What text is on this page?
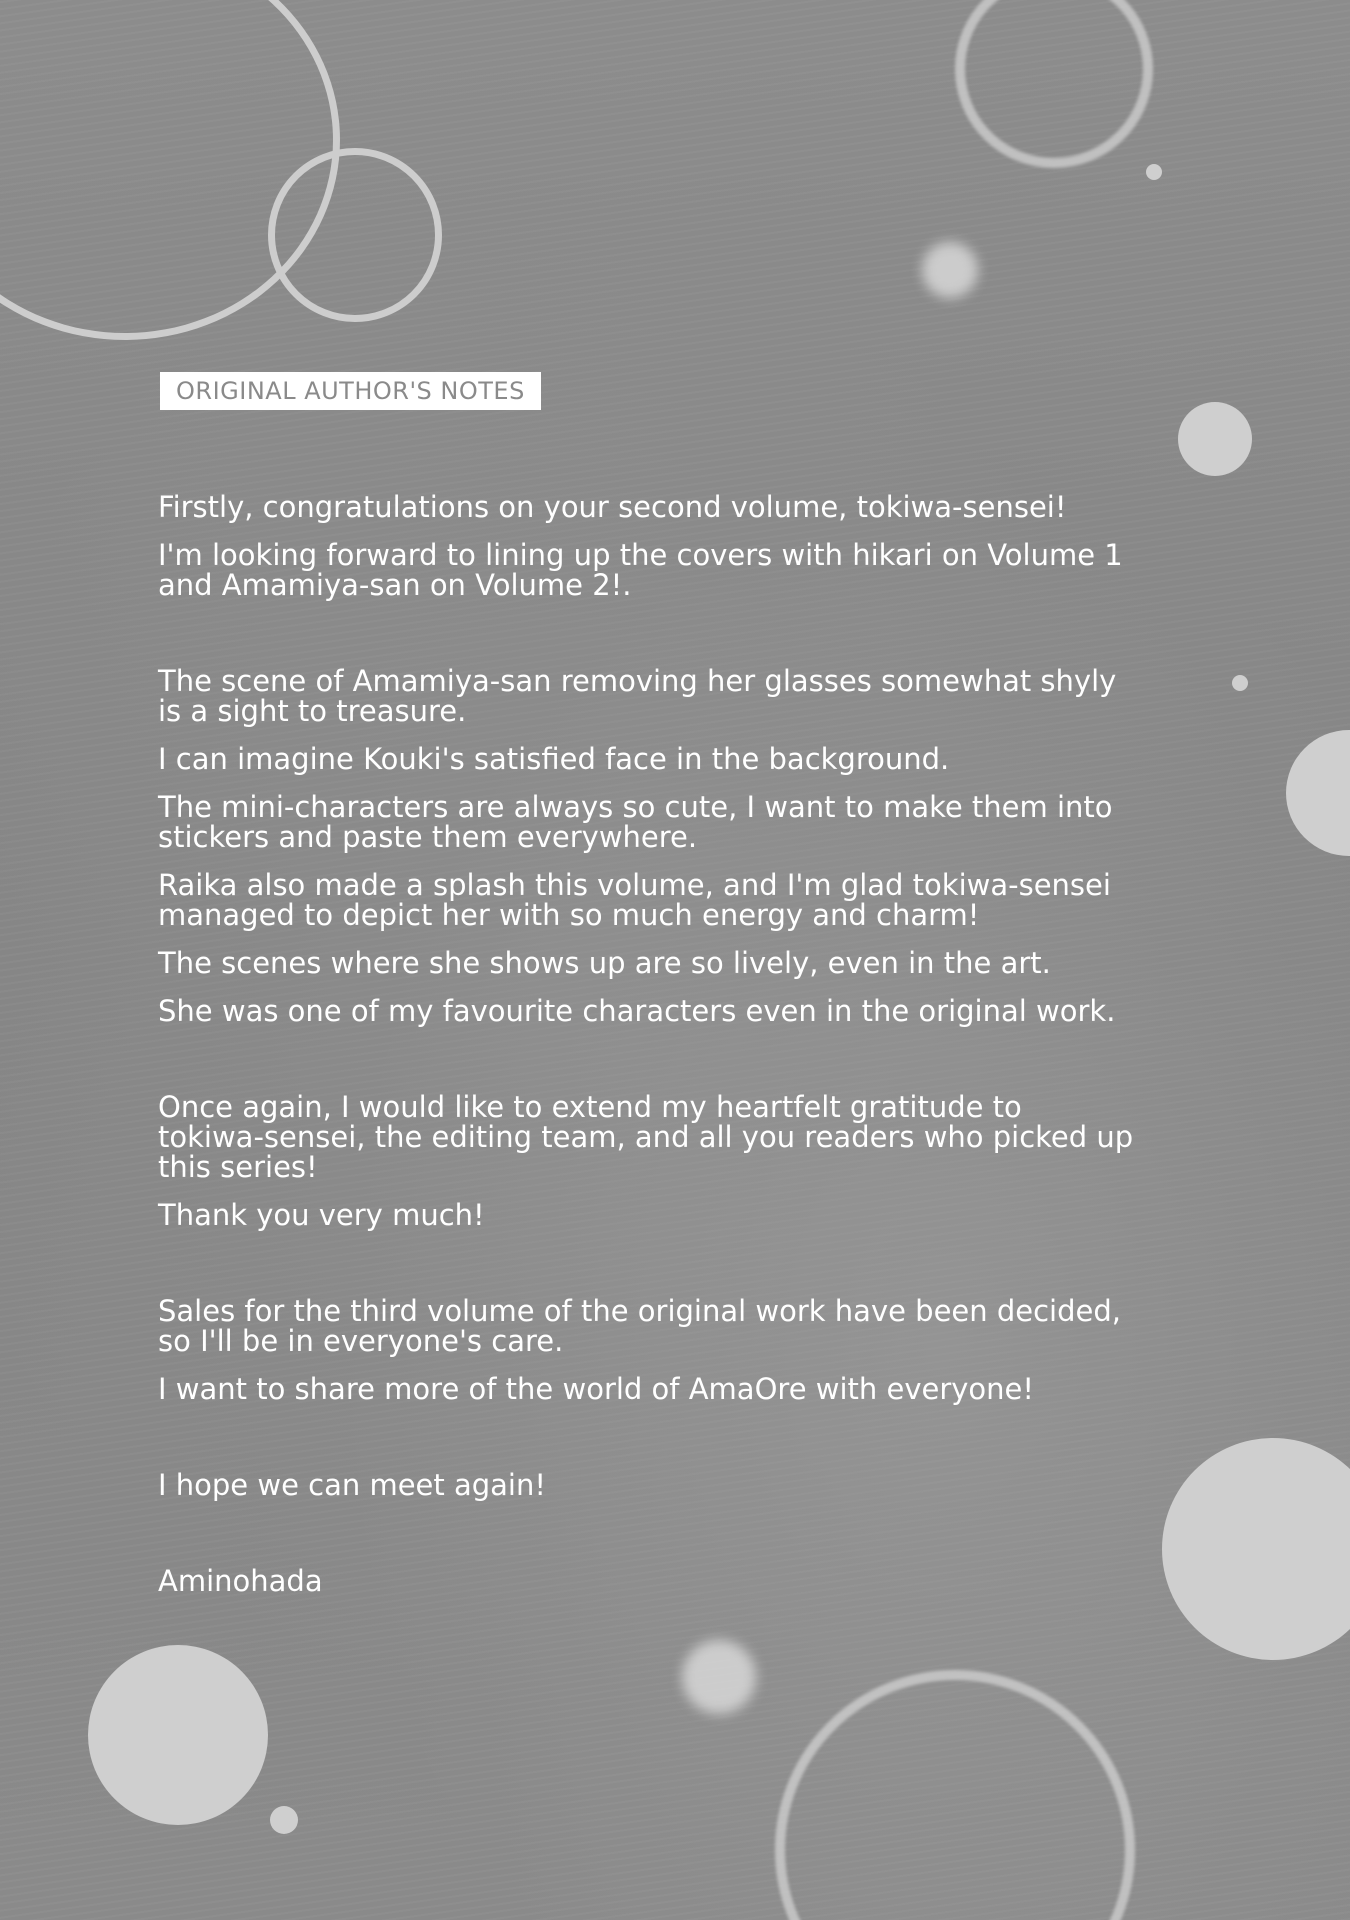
ORIGINAL AUTHOR'S NOTES

Firstly, congratulations on your second volume, tokiwa-sensei!

I'm looking forward to lining up the covers with hikari on Volume 1
and Amamiya-san on Volume 2!.

The scene of Amamiya-san removing her glasses somewhat shyly
is a sight to treasure.

I can imagine Kouki's satisfied face in the background.

The mini-characters are always so cute, I want to make them into
stickers and paste them everywhere.

Raika also made a splash this volume, and I'm glad tokiwa-sensei
managed to depict her with so much energy and charm!

The scenes where she shows up are so lively, even in the art.

She was one of my favourite characters even in the original work.

Once again, I would like to extend my heartfelt gratitude to
tokiwa-sensei, the editing team, and all you readers who picked up
this series!

Thank you very much!

Sales for the third volume of the original work have been decided,
so I'll be in everyone's care.

I want to share more of the world of AmaOre with everyone!

I hope we can meet again!

Aminohada
